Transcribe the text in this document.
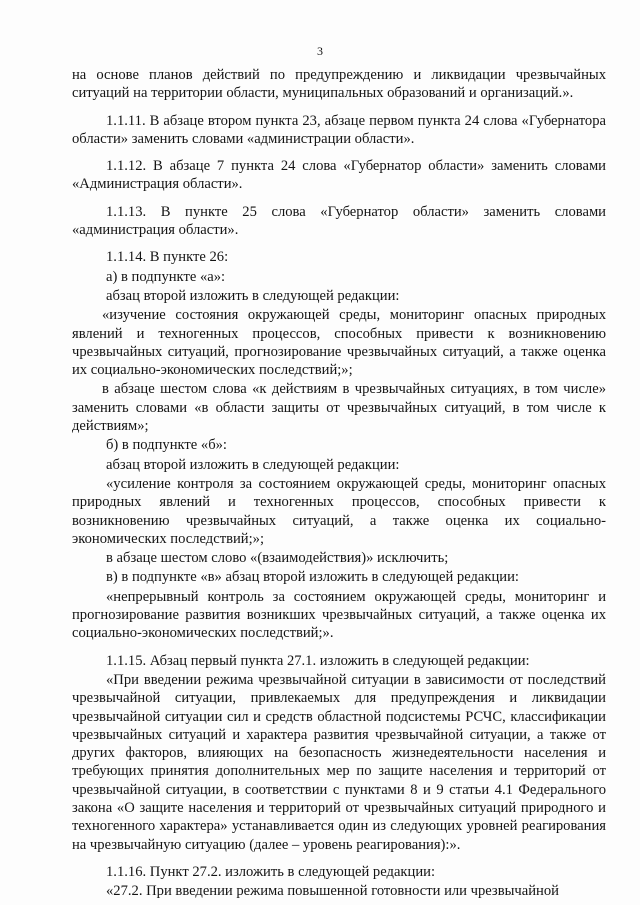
3

на основе планов действий по предупреждению и ликвидации чрезвычайных ситуаций на территории области, муниципальных образований и организаций.».

1.1.11. В абзаце втором пункта 23, абзаце первом пункта 24 слова «Губернатора области» заменить словами «администрации области».

1.1.12. В абзаце 7 пункта 24 слова «Губернатор области» заменить словами «Администрация области».

1.1.13. В пункте 25 слова «Губернатор области» заменить словами «администрация области».

1.1.14. В пункте 26:

а) в подпункте «а»:

абзац второй изложить в следующей редакции:

«изучение состояния окружающей среды, мониторинг опасных природных явлений и техногенных процессов, способных привести к возникновению чрезвычайных ситуаций, прогнозирование чрезвычайных ситуаций, а также оценка их социально-экономических последствий;»;

в абзаце шестом слова «к действиям в чрезвычайных ситуациях, в том числе» заменить словами «в области защиты от чрезвычайных ситуаций, в том числе к действиям»;

б) в подпункте «б»:

абзац второй изложить в следующей редакции:

«усиление контроля за состоянием окружающей среды, мониторинг опасных природных явлений и техногенных процессов, способных привести к возникновению чрезвычайных ситуаций, а также оценка их социально-экономических последствий;»;

в абзаце шестом слово «(взаимодействия)» исключить;

в) в подпункте «в» абзац второй изложить в следующей редакции:

«непрерывный контроль за состоянием окружающей среды, мониторинг и прогнозирование развития возникших чрезвычайных ситуаций, а также оценка их социально-экономических последствий;».

1.1.15. Абзац первый пункта 27.1. изложить в следующей редакции:

«При введении режима чрезвычайной ситуации в зависимости от последствий чрезвычайной ситуации, привлекаемых для предупреждения и ликвидации чрезвычайной ситуации сил и средств областной подсистемы РСЧС, классификации чрезвычайных ситуаций и характера развития чрезвычайной ситуации, а также от других факторов, влияющих на безопасность жизнедеятельности населения и требующих принятия дополнительных мер по защите населения и территорий от чрезвычайной ситуации, в соответствии с пунктами 8 и 9 статьи 4.1 Федерального закона «О защите населения и территорий от чрезвычайных ситуаций природного и техногенного характера» устанавливается один из следующих уровней реагирования на чрезвычайную ситуацию (далее – уровень реагирования):».

1.1.16. Пункт 27.2. изложить в следующей редакции:

«27.2. При введении режима повышенной готовности или чрезвычайной
